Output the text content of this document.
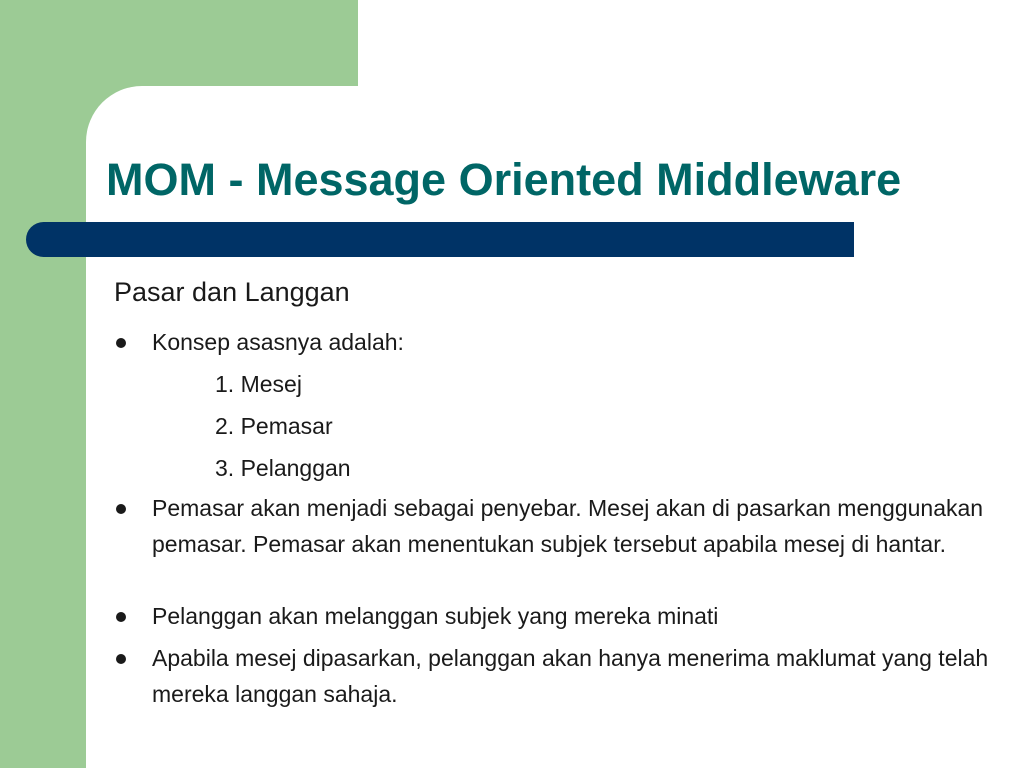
MOM - Message Oriented Middleware
Pasar dan Langgan
Konsep asasnya adalah:
1. Mesej
2. Pemasar
3. Pelanggan
Pemasar akan menjadi sebagai penyebar. Mesej akan di pasarkan menggunakan pemasar. Pemasar akan menentukan subjek tersebut apabila mesej di hantar.
Pelanggan akan melanggan subjek yang mereka minati
Apabila mesej dipasarkan, pelanggan akan hanya menerima maklumat yang telah mereka langgan sahaja.
